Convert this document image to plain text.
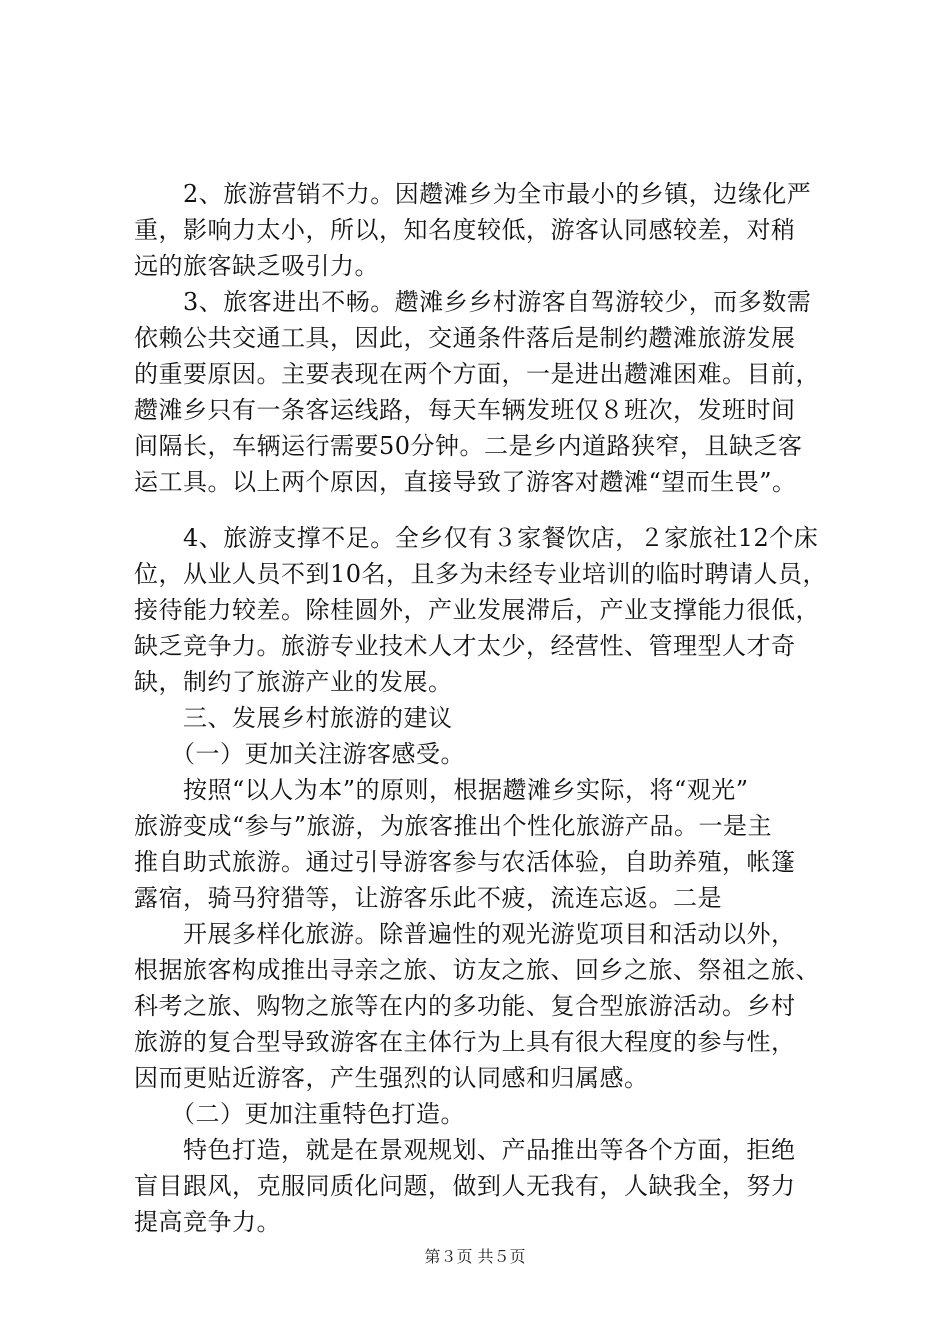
　　2、旅游营销不力。因趱滩乡为全市最小的乡镇，边缘化严
重，影响力太小，所以，知名度较低，游客认同感较差，对稍
远的旅客缺乏吸引力。
　　3、旅客进出不畅。趱滩乡乡村游客自驾游较少，而多数需
依赖公共交通工具，因此，交通条件落后是制约趱滩旅游发展
的重要原因。主要表现在两个方面，一是进出趱滩困难。目前，
趱滩乡只有一条客运线路，每天车辆发班仅８班次，发班时间
间隔长，车辆运行需要50分钟。二是乡内道路狭窄，且缺乏客
运工具。以上两个原因，直接导致了游客对趱滩“望而生畏”。
　　4、旅游支撑不足。全乡仅有３家餐饮店，２家旅社12个床
位，从业人员不到10名，且多为未经专业培训的临时聘请人员，
接待能力较差。除桂圆外，产业发展滞后，产业支撑能力很低，
缺乏竞争力。旅游专业技术人才太少，经营性、管理型人才奇
缺，制约了旅游产业的发展。
　　三、发展乡村旅游的建议
　　（一）更加关注游客感受。
　　按照“以人为本”的原则，根据趱滩乡实际，将“观光”
旅游变成“参与”旅游，为旅客推出个性化旅游产品。一是主
推自助式旅游。通过引导游客参与农活体验，自助养殖，帐篷
露宿，骑马狩猎等，让游客乐此不疲，流连忘返。二是
　　开展多样化旅游。除普遍性的观光游览项目和活动以外，
根据旅客构成推出寻亲之旅、访友之旅、回乡之旅、祭祖之旅、
科考之旅、购物之旅等在内的多功能、复合型旅游活动。乡村
旅游的复合型导致游客在主体行为上具有很大程度的参与性，
因而更贴近游客，产生强烈的认同感和归属感。
　　（二）更加注重特色打造。
　　特色打造，就是在景观规划、产品推出等各个方面，拒绝
盲目跟风，克服同质化问题，做到人无我有，人缺我全，努力
提高竞争力。
第３页 共５页
